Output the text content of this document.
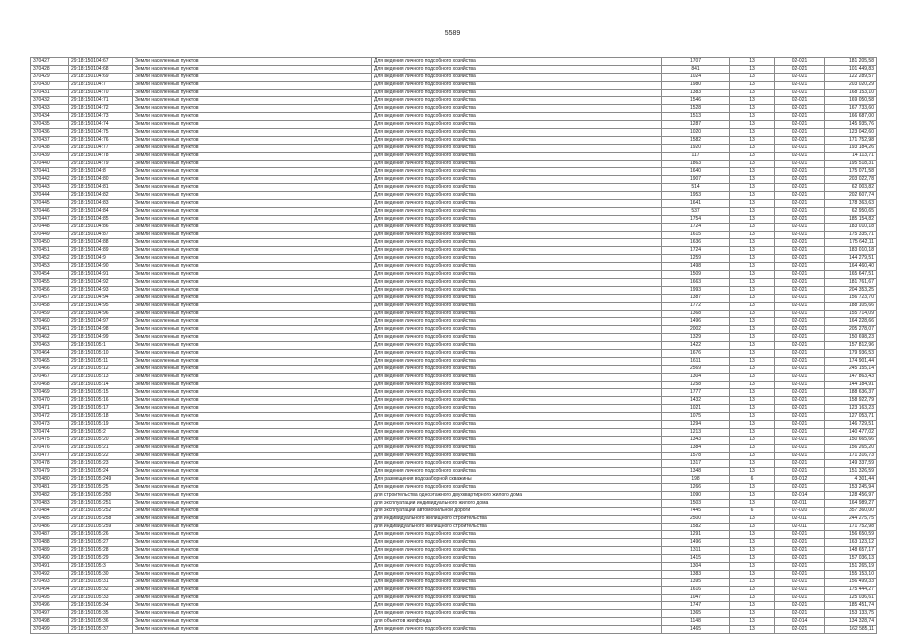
5589
370427	29:18:150104:67	Земли населенных пунктов	Для ведения личного подсобного хозяйства	1707	13	02-021	181 205,58
370428	29:18:150104:68	Земли населенных пунктов	Для ведения личного подсобного хозяйства	841	13	02-021	101 449,83
370429	29:18:150104:69	Земли населенных пунктов	Для ведения личного подсобного хозяйства	1024	13	02-021	122 289,57
370430	29:18:150104:7	Земли населенных пунктов	Для ведения личного подсобного хозяйства	1980	13	02-021	203 020,29
370431	29:18:150104:70	Земли населенных пунктов	Для ведения личного подсобного хозяйства	1383	13	02-021	168 153,10
370432	29:18:150104:71	Земли населенных пунктов	Для ведения личного подсобного хозяйства	1546	13	02-021	169 050,58
370433	29:18:150104:72	Земли населенных пунктов	Для ведения личного подсобного хозяйства	1528	13	02-021	167 733,60
370434	29:18:150104:73	Земли населенных пунктов	Для ведения личного подсобного хозяйства	1513	13	02-021	166 687,00
370435	29:18:150104:74	Земли населенных пунктов	Для ведения личного подсобного хозяйства	1287	13	02-021	145 935,76
370436	29:18:150104:75	Земли населенных пунктов	Для ведения личного подсобного хозяйства	1020	13	02-021	123 042,60
370437	29:18:150104:76	Земли населенных пунктов	Для ведения личного подсобного хозяйства	1582	13	02-021	171 752,98
370438	29:18:150104:77	Земли населенных пунктов	Для ведения личного подсобного хозяйства	1920	13	02-021	193 184,26
370439	29:18:150104:78	Земли населенных пунктов	Для ведения личного подсобного хозяйства	117	13	02-021	14 113,71
370440	29:18:150104:79	Земли населенных пунктов	Для ведения личного подсобного хозяйства	1863	13	02-021	195 518,31
370441	29:18:150104:8	Земли населенных пунктов	Для ведения личного подсобного хозяйства	1640	13	02-021	175 071,58
370442	29:18:150104:80	Земли населенных пунктов	Для ведения личного подсобного хозяйства	1907	13	02-021	203 022,78
370443	29:18:150104:81	Земли населенных пунктов	Для ведения личного подсобного хозяйства	514	13	02-021	62 003,82
370444	29:18:150104:82	Земли населенных пунктов	Для ведения личного подсобного хозяйства	1953	13	02-021	202 607,74
370445	29:18:150104:83	Земли населенных пунктов	Для ведения личного подсобного хозяйства	1641	13	02-021	178 363,63
370446	29:18:150104:84	Земли населенных пунктов	Для ведения личного подсобного хозяйства	537	13	02-021	62 950,65
370447	29:18:150104:85	Земли населенных пунктов	Для ведения личного подсобного хозяйства	1754	13	02-021	185 154,82
370448	29:18:150104:86	Земли населенных пунктов	Для ведения личного подсобного хозяйства	1724	13	02-021	183 010,18
370449	29:18:150104:87	Земли населенных пунктов	Для ведения личного подсобного хозяйства	1615	13	02-021	175 335,71
370450	29:18:150104:88	Земли населенных пунктов	Для ведения личного подсобного хозяйства	1636	13	02-021	175 642,11
370451	29:18:150104:89	Земли населенных пунктов	Для ведения личного подсобного хозяйства	1724	13	02-021	183 010,18
370452	29:18:150104:9	Земли населенных пунктов	Для ведения личного подсобного хозяйства	1259	13	02-021	144 279,51
370453	29:18:150104:90	Земли населенных пунктов	Для ведения личного подсобного хозяйства	1498	13	02-021	164 460,40
370454	29:18:150104:91	Земли населенных пунктов	Для ведения личного подсобного хозяйства	1509	13	02-021	165 647,51
370455	29:18:150104:92	Земли населенных пунктов	Для ведения личного подсобного хозяйства	1663	13	02-021	181 761,67
370456	29:18:150104:93	Земли населенных пунктов	Для ведения личного подсобного хозяйства	1993	13	02-021	204 353,25
370457	29:18:150104:94	Земли населенных пунктов	Для ведения личного подсобного хозяйства	1387	13	02-021	156 723,70
370458	29:18:150104:95	Земли населенных пунктов	Для ведения личного подсобного хозяйства	1772	13	02-021	188 105,66
370459	29:18:150104:96	Земли населенных пунктов	Для ведения личного подсобного хозяйства	1368	13	02-021	155 714,09
370460	29:18:150104:97	Земли населенных пунктов	Для ведения личного подсобного хозяйства	1496	13	02-021	164 228,66
370461	29:18:150104:98	Земли населенных пунктов	Для ведения личного подсобного хозяйства	2002	13	02-021	205 278,07
370462	29:18:150104:99	Земли населенных пунктов	Для ведения личного подсобного хозяйства	1329	13	02-021	150 698,23
370463	29:18:150105:1	Земли населенных пунктов	Для ведения личного подсобного хозяйства	1422	13	02-021	157 812,96
370464	29:18:150105:10	Земли населенных пунктов	Для ведения личного подсобного хозяйства	1676	13	02-021	179 936,53
370465	29:18:150105:11	Земли населенных пунктов	Для ведения личного подсобного хозяйства	1611	13	02-021	174 901,44
370466	29:18:150105:12	Земли населенных пунктов	Для ведения личного подсобного хозяйства	2569	13	02-021	245 155,14
370467	29:18:150105:13	Земли населенных пунктов	Для ведения личного подсобного хозяйства	1304	13	02-021	147 863,43
370468	29:18:150105:14	Земли населенных пунктов	Для ведения личного подсобного хозяйства	1258	13	02-021	144 184,91
370469	29:18:150105:15	Земли населенных пунктов	Для ведения личного подсобного хозяйства	1777	13	02-021	188 636,37
370470	29:18:150105:16	Земли населенных пунктов	Для ведения личного подсобного хозяйства	1432	13	02-021	158 922,79
370471	29:18:150105:17	Земли населенных пунктов	Для ведения личного подсобного хозяйства	1021	13	02-021	123 163,23
370472	29:18:150105:18	Земли населенных пунктов	Для ведения личного подсобного хозяйства	1075	13	02-021	127 053,71
370473	29:18:150105:19	Земли населенных пунктов	Для ведения личного подсобного хозяйства	1294	13	02-021	146 729,51
370474	29:18:150105:2	Земли населенных пунктов	Для ведения личного подсобного хозяйства	1213	13	02-021	140 477,02
370475	29:18:150105:20	Земли населенных пунктов	Для ведения личного подсобного хозяйства	1343	13	02-021	150 665,66
370476	29:18:150105:21	Земли населенных пунктов	Для ведения личного подсобного хозяйства	1384	13	02-021	156 265,20
370477	29:18:150105:22	Земли населенных пунктов	Для ведения личного подсобного хозяйства	1578	13	02-021	171 316,73
370478	29:18:150105:23	Земли населенных пунктов	Для ведения личного подсобного хозяйства	1317	13	02-021	149 337,59
370479	29:18:150105:24	Земли населенных пунктов	Для ведения личного подсобного хозяйства	1348	13	02-021	151 326,59
370480	29:18:150105:249	Земли населенных пунктов	Для размещения водозаборной скважины	198	6	03-012	4 301,44
370481	29:18:150105:25	Земли населенных пунктов	Для ведения личного подсобного хозяйства	1266	13	02-021	153 245,94
370482	29:18:150105:250	Земли населенных пунктов	для строительства одноэтажного двухквартирного жилого дома	1090	13	02-014	128 456,97
370483	29:18:150105:251	Земли населенных пунктов	для эксплуатации индивидуального жилого дома	1503	13	02-011	164 989,27
370484	29:18:150105:252	Земли населенных пунктов	для эксплуатации автомобильной дороги	7445	6	07-020	357 360,00
370485	29:18:150105:258	Земли населенных пунктов	для индивидуального жилищного строительства	2500	13	02-011	244 275,75
370486	29:18:150105:259	Земли населенных пунктов	для индивидуального жилищного строительства	1582	13	02-011	171 752,98
370487	29:18:150105:26	Земли населенных пунктов	Для ведения личного подсобного хозяйства	1291	13	02-021	156 650,59
370488	29:18:150105:27	Земли населенных пунктов	Для ведения личного подсобного хозяйства	1496	13	02-021	163 123,12
370489	29:18:150105:28	Земли населенных пунктов	Для ведения личного подсобного хозяйства	1311	13	02-021	148 657,17
370490	29:18:150105:29	Земли населенных пунктов	Для ведения личного подсобного хозяйства	1415	13	02-021	157 036,13
370491	29:18:150105:3	Земли населенных пунктов	Для ведения личного подсобного хозяйства	1304	13	02-021	151 265,19
370492	29:18:150105:30	Земли населенных пунктов	Для ведения личного подсобного хозяйства	1383	13	02-021	155 153,10
370493	29:18:150105:31	Земли населенных пунктов	Для ведения личного подсобного хозяйства	1395	13	02-021	156 499,33
370494	29:18:150105:32	Земли населенных пунктов	Для ведения личного подсобного хозяйства	1616	13	02-021	175 444,27
370495	29:18:150105:33	Земли населенных пунктов	Для ведения личного подсобного хозяйства	1047	13	02-021	125 036,61
370496	29:18:150105:34	Земли населенных пунктов	Для ведения личного подсобного хозяйства	1747	13	02-021	185 451,74
370497	29:18:150105:35	Земли населенных пунктов	Для ведения личного подсобного хозяйства	1365	13	02-021	153 133,75
370498	29:18:150105:36	Земли населенных пунктов	для объектов жилфонда	1148	13	02-014	134 328,74
370499	29:18:150105:37	Земли населенных пунктов	Для ведения личного подсобного хозяйства	1465	13	02-021	162 585,11
